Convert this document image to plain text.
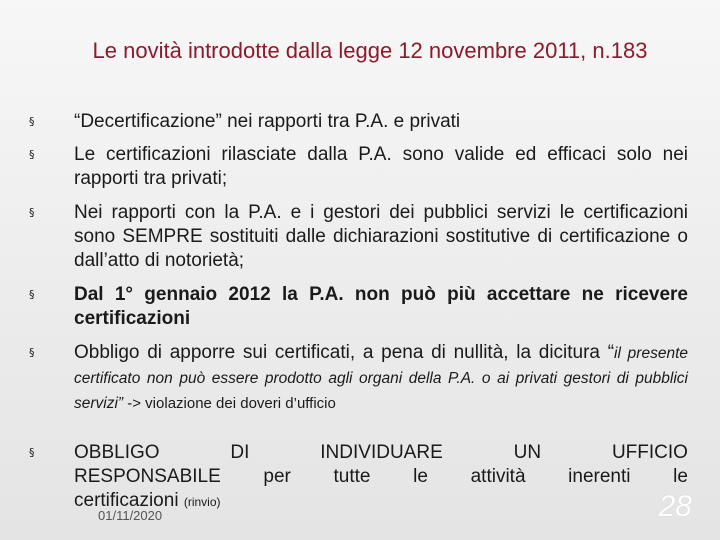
Le novità introdotte dalla legge 12 novembre 2011, n.183
§ “Decertificazione” nei rapporti tra P.A. e privati
§ Le certificazioni rilasciate dalla P.A. sono valide ed efficaci solo nei rapporti tra privati;
§ Nei rapporti con la P.A. e i gestori dei pubblici servizi le certificazioni sono SEMPRE sostituiti dalle dichiarazioni sostitutive di certificazione o dall’atto di notorietà;
§ Dal 1° gennaio 2012 la P.A. non può più accettare ne ricevere certificazioni
§ Obbligo di apporre sui certificati, a pena di nullità, la dicitura “il presente certificato non può essere prodotto agli organi della P.A. o ai privati gestori di pubblici servizi” -> violazione dei doveri d’ufficio
§ OBBLIGO	DI	INDIVIDUARE	UN	UFFICIO
RESPONSABILE per tutte le attività inerenti le
certificazioni (rinvio)
01/11/2020	28
